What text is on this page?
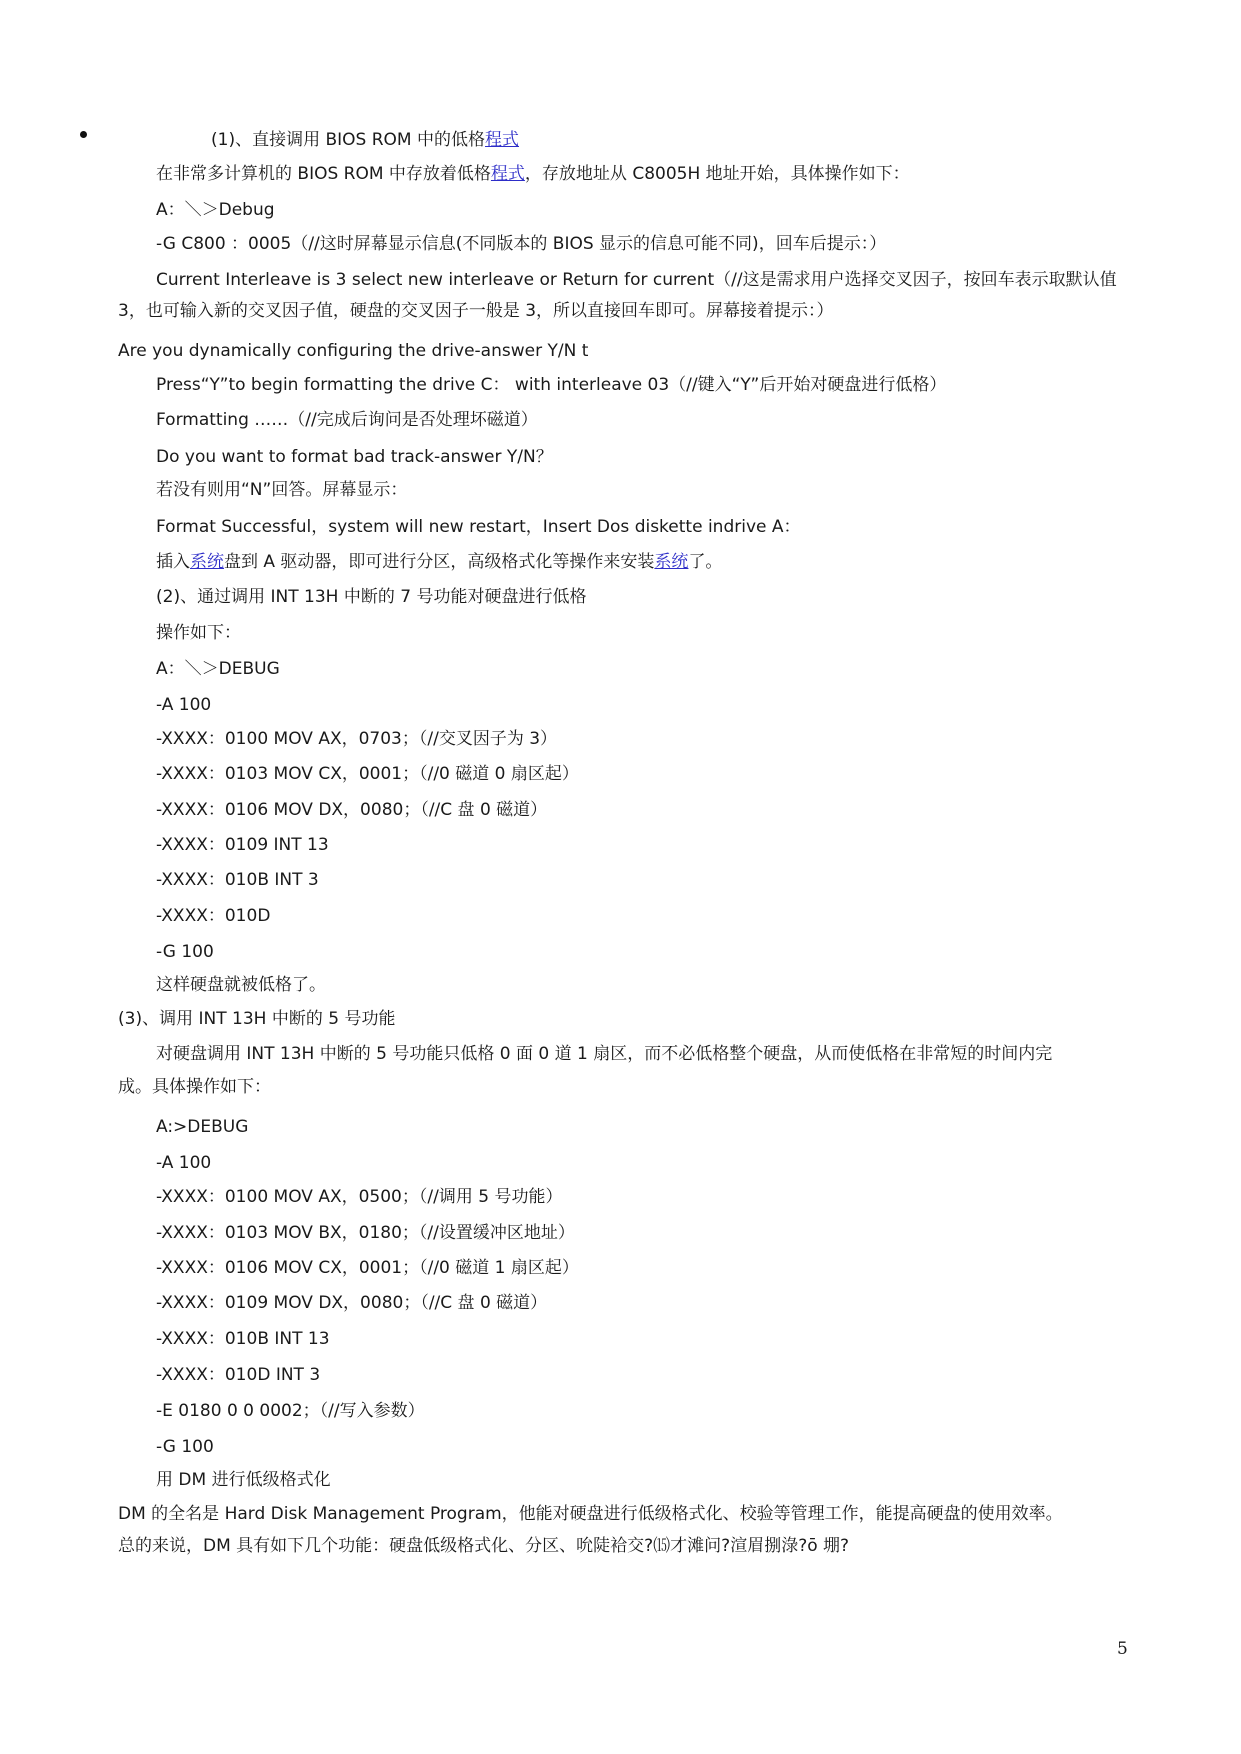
(1)、直接调用 BIOS ROM 中的低格程式
在非常多计算机的 BIOS ROM 中存放着低格程式，存放地址从 C8005H 地址开始，具体操作如下：
A：＼＞Debug
-G C800 ：0005（//这时屏幕显示信息(不同版本的 BIOS 显示的信息可能不同)，回车后提示：）
Current Interleave is 3 select new interleave or Return for current（//这是需求用户选择交叉因子，按回车表示取默认值
3，也可输入新的交叉因子值，硬盘的交叉因子一般是 3，所以直接回车即可。屏幕接着提示：）
Are you dynamically configuring the drive-answer Y/N t
Press“Y”to begin formatting the drive C： with interleave 03（//键入“Y”后开始对硬盘进行低格）
Formatting ……（//完成后询问是否处理坏磁道）
Do you want to format bad track-answer Y/N？
若没有则用“N”回答。屏幕显示：
Format Successful，system will new restart，Insert Dos diskette indrive A：
插入系统盘到 A 驱动器，即可进行分区，高级格式化等操作来安装系统了。
(2)、通过调用 INT 13H 中断的 7 号功能对硬盘进行低格
操作如下：
A：＼＞DEBUG
-A 100
-XXXX：0100 MOV AX，0703；（//交叉因子为 3）
-XXXX：0103 MOV CX，0001；（//0 磁道 0 扇区起）
-XXXX：0106 MOV DX，0080；（//C 盘 0 磁道）
-XXXX：0109 INT 13
-XXXX：010B INT 3
-XXXX：010D
-G 100
这样硬盘就被低格了。
(3)、调用 INT 13H 中断的 5 号功能
对硬盘调用 INT 13H 中断的 5 号功能只低格 0 面 0 道 1 扇区，而不必低格整个硬盘，从而使低格在非常短的时间内完
成。具体操作如下：
A:>DEBUG
-A 100
-XXXX：0100 MOV AX，0500；（//调用 5 号功能）
-XXXX：0103 MOV BX，0180；（//设置缓冲区地址）
-XXXX：0106 MOV CX，0001；（//0 磁道 1 扇区起）
-XXXX：0109 MOV DX，0080；（//C 盘 0 磁道）
-XXXX：010B INT 13
-XXXX：010D INT 3
-E 0180 0 0 0002；（//写入参数）
-G 100
用 DM 进行低级格式化
DM 的全名是 Hard Disk Management Program，他能对硬盘进行低级格式化、校验等管理工作，能提高硬盘的使用效率。
总的来说，DM 具有如下几个功能：硬盘低级格式化、分区、吮陡袷交?⒂才滩问?渲眉捌淥?ō 堋?
5
